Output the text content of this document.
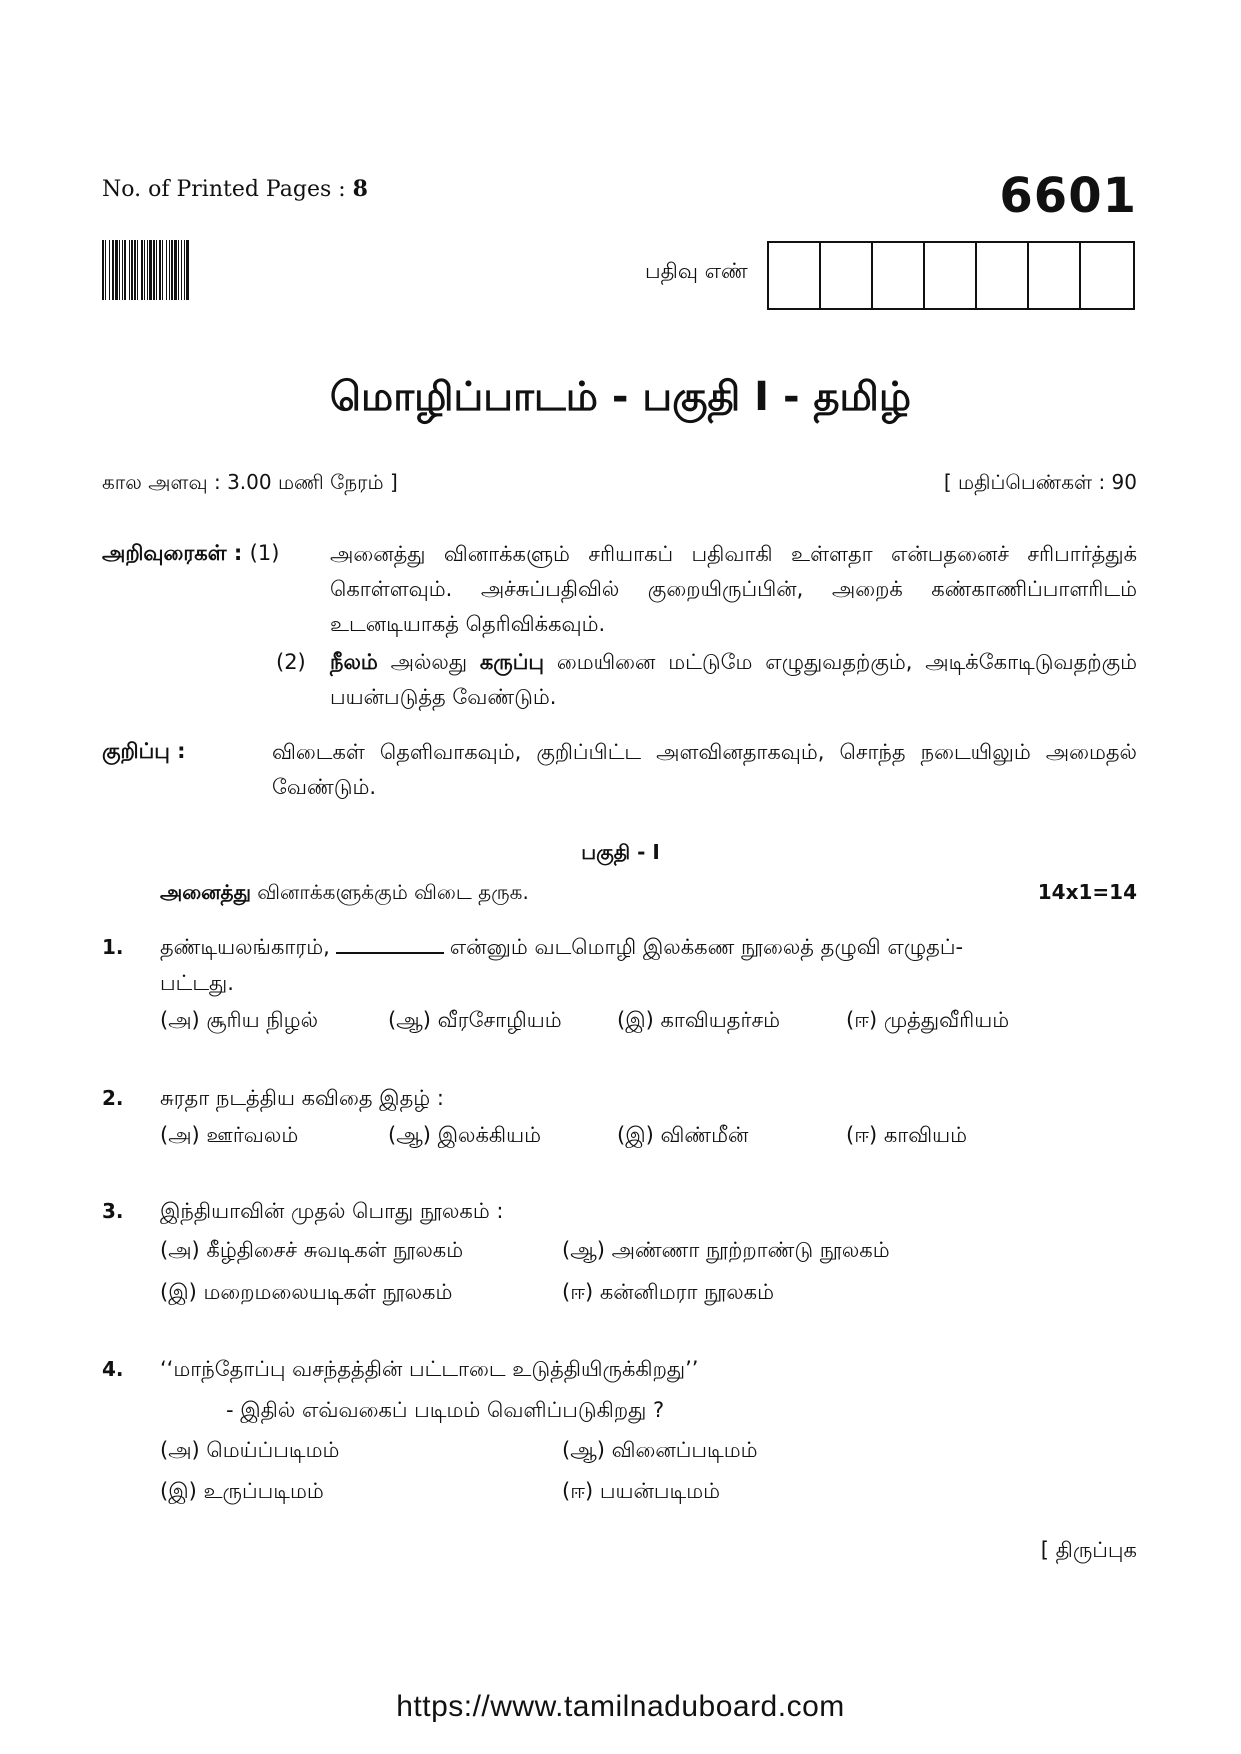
No. of Printed Pages : 8	6601
பதிவு எண்
மொழிப்பாடம் - பகுதி I - தமிழ்
கால அளவு : 3.00 மணி நேரம் ]	[ மதிப்பெண்கள் : 90
அறிவுரைகள் : (1) அனைத்து வினாக்களும் சரியாகப் பதிவாகி உள்ளதா என்பதனைச் சரிபார்த்துக் கொள்ளவும். அச்சுப்பதிவில் குறையிருப்பின், அறைக் கண்காணிப்பாளரிடம் உடனடியாகத் தெரிவிக்கவும்.
(2) நீலம் அல்லது கருப்பு மையினை மட்டுமே எழுதுவதற்கும், அடிக்கோடிடுவதற்கும் பயன்படுத்த வேண்டும்.
குறிப்பு :	விடைகள் தெளிவாகவும், குறிப்பிட்ட அளவினதாகவும், சொந்த நடையிலும் அமைதல் வேண்டும்.
பகுதி - I
அனைத்து வினாக்களுக்கும் விடை தருக.	14x1=14
1. தண்டியலங்காரம்,	என்னும் வடமொழி இலக்கண நூலைத் தழுவி எழுதப்-
பட்டது.
(அ) சூரிய நிழல்	(ஆ) வீரசோழியம்	(இ) காவியதர்சம்	(ஈ) முத்துவீரியம்
2. சுரதா நடத்திய கவிதை இதழ் :
(அ) ஊர்வலம்	(ஆ) இலக்கியம்	(இ) விண்மீன்	(ஈ) காவியம்
3. இந்தியாவின் முதல் பொது நூலகம் :
(அ) கீழ்திசைச் சுவடிகள் நூலகம்	(ஆ) அண்ணா நூற்றாண்டு நூலகம்
(இ) மறைமலையடிகள் நூலகம்	(ஈ) கன்னிமரா நூலகம்
4. ‘‘மாந்தோப்பு வசந்தத்தின் பட்டாடை உடுத்தியிருக்கிறது’’
- இதில் எவ்வகைப் படிமம் வெளிப்படுகிறது ?
(அ) மெய்ப்படிமம்	(ஆ) வினைப்படிமம்
(இ) உருப்படிமம்	(ஈ) பயன்படிமம்
[ திருப்புக
https://www.tamilnaduboard.com
